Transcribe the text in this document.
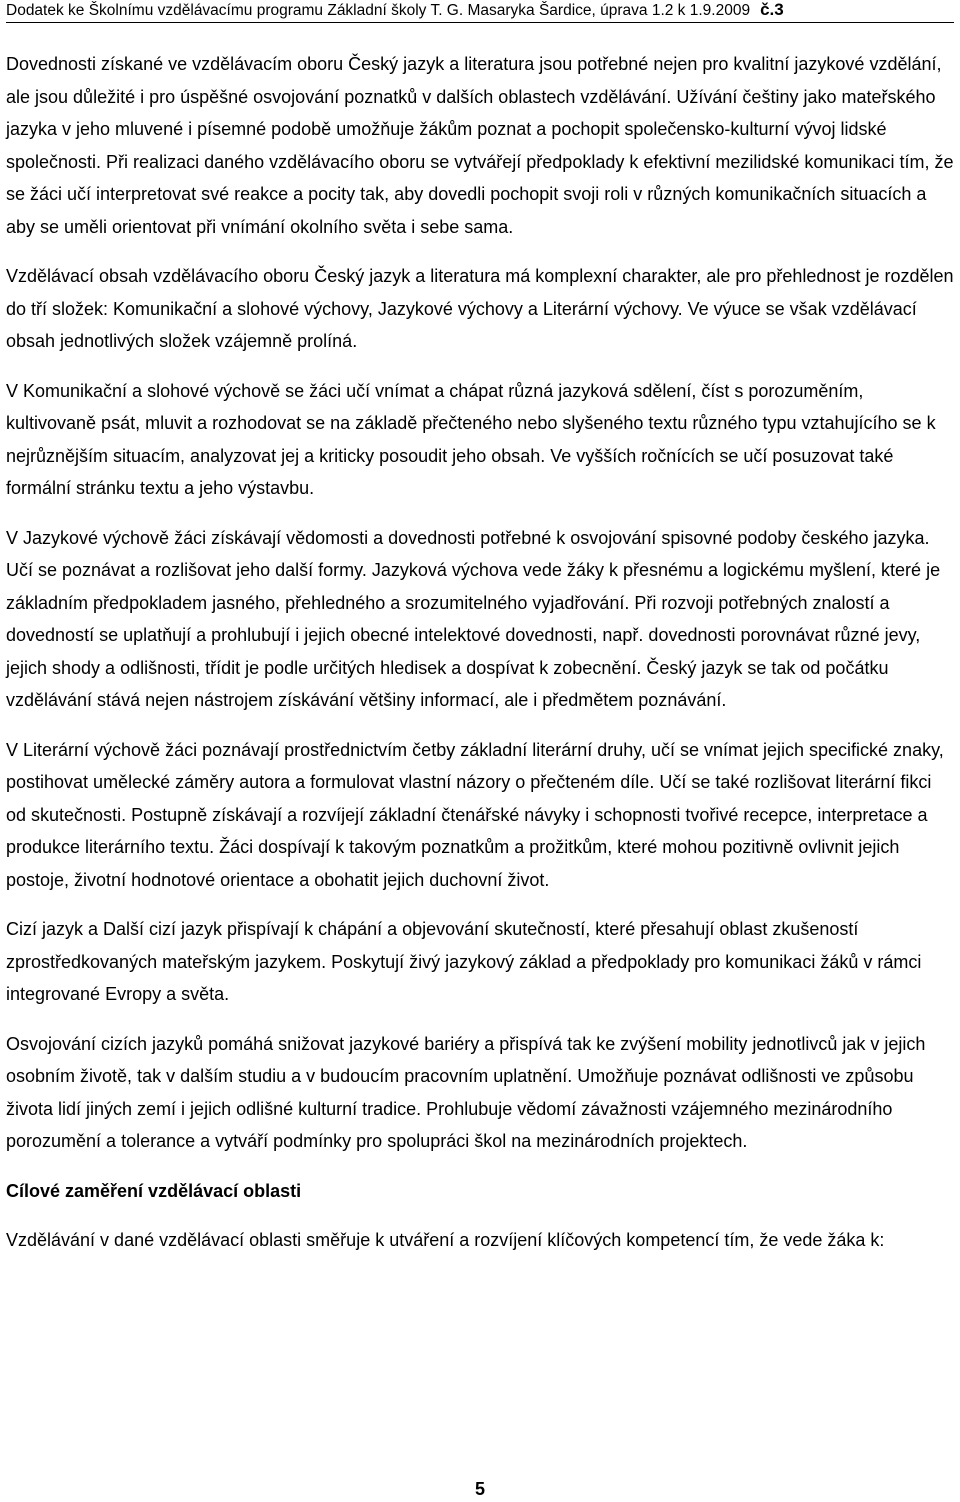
Dodatek ke Školnímu vzdělávacímu programu Základní školy T. G. Masaryka Šardice, úprava 1.2 k 1.9.2009 č.3

Dovednosti získané ve vzdělávacím oboru Český jazyk a literatura jsou potřebné nejen pro kvalitní jazykové vzdělání, ale jsou důležité i pro úspěšné osvojování poznatků v dalších oblastech vzdělávání. Užívání češtiny jako mateřského jazyka v jeho mluvené i písemné podobě umožňuje žákům poznat a pochopit společensko-kulturní vývoj lidské společnosti. Při realizaci daného vzdělávacího oboru se vytvářejí předpoklady k efektivní mezilidské komunikaci tím, že se žáci učí interpretovat své reakce a pocity tak, aby dovedli pochopit svoji roli v různých komunikačních situacích a aby se uměli orientovat při vnímání okolního světa i sebe sama.

Vzdělávací obsah vzdělávacího oboru Český jazyk a literatura má komplexní charakter, ale pro přehlednost je rozdělen do tří složek: Komunikační a slohové výchovy, Jazykové výchovy a Literární výchovy. Ve výuce se však vzdělávací obsah jednotlivých složek vzájemně prolíná.

V Komunikační a slohové výchově se žáci učí vnímat a chápat různá jazyková sdělení, číst s porozuměním, kultivovaně psát, mluvit a rozhodovat se na základě přečteného nebo slyšeného textu různého typu vztahujícího se k nejrůznějším situacím, analyzovat jej a kriticky posoudit jeho obsah. Ve vyšších ročnících se učí posuzovat také formální stránku textu a jeho výstavbu.

V Jazykové výchově žáci získávají vědomosti a dovednosti potřebné k osvojování spisovné podoby českého jazyka. Učí se poznávat a rozlišovat jeho další formy. Jazyková výchova vede žáky k přesnému a logickému myšlení, které je základním předpokladem jasného, přehledného a srozumitelného vyjadřování. Při rozvoji potřebných znalostí a dovedností se uplatňují a prohlubují i jejich obecné intelektové dovednosti, např. dovednosti porovnávat různé jevy, jejich shody a odlišnosti, třídit je podle určitých hledisek a dospívat k zobecnění. Český jazyk se tak od počátku vzdělávání stává nejen nástrojem získávání většiny informací, ale i předmětem poznávání.

V Literární výchově žáci poznávají prostřednictvím četby základní literární druhy, učí se vnímat jejich specifické znaky, postihovat umělecké záměry autora a formulovat vlastní názory o přečteném díle. Učí se také rozlišovat literární fikci od skutečnosti. Postupně získávají a rozvíjejí základní čtenářské návyky i schopnosti tvořivé recepce, interpretace a produkce literárního textu. Žáci dospívají k takovým poznatkům a prožitkům, které mohou pozitivně ovlivnit jejich postoje, životní hodnotové orientace a obohatit jejich duchovní život.

Cizí jazyk a Další cizí jazyk přispívají k chápání a objevování skutečností, které přesahují oblast zkušeností zprostředkovaných mateřským jazykem. Poskytují živý jazykový základ a předpoklady pro komunikaci žáků v rámci integrované Evropy a světa.

Osvojování cizích jazyků pomáhá snižovat jazykové bariéry a přispívá tak ke zvýšení mobility jednotlivců jak v jejich osobním životě, tak v dalším studiu a v budoucím pracovním uplatnění. Umožňuje poznávat odlišnosti ve způsobu života lidí jiných zemí i jejich odlišné kulturní tradice. Prohlubuje vědomí závažnosti vzájemného mezinárodního porozumění a tolerance a vytváří podmínky pro spolupráci škol na mezinárodních projektech.

Cílové zaměření vzdělávací oblasti

Vzdělávání v dané vzdělávací oblasti směřuje k utváření a rozvíjení klíčových kompetencí tím, že vede žáka k:

5
